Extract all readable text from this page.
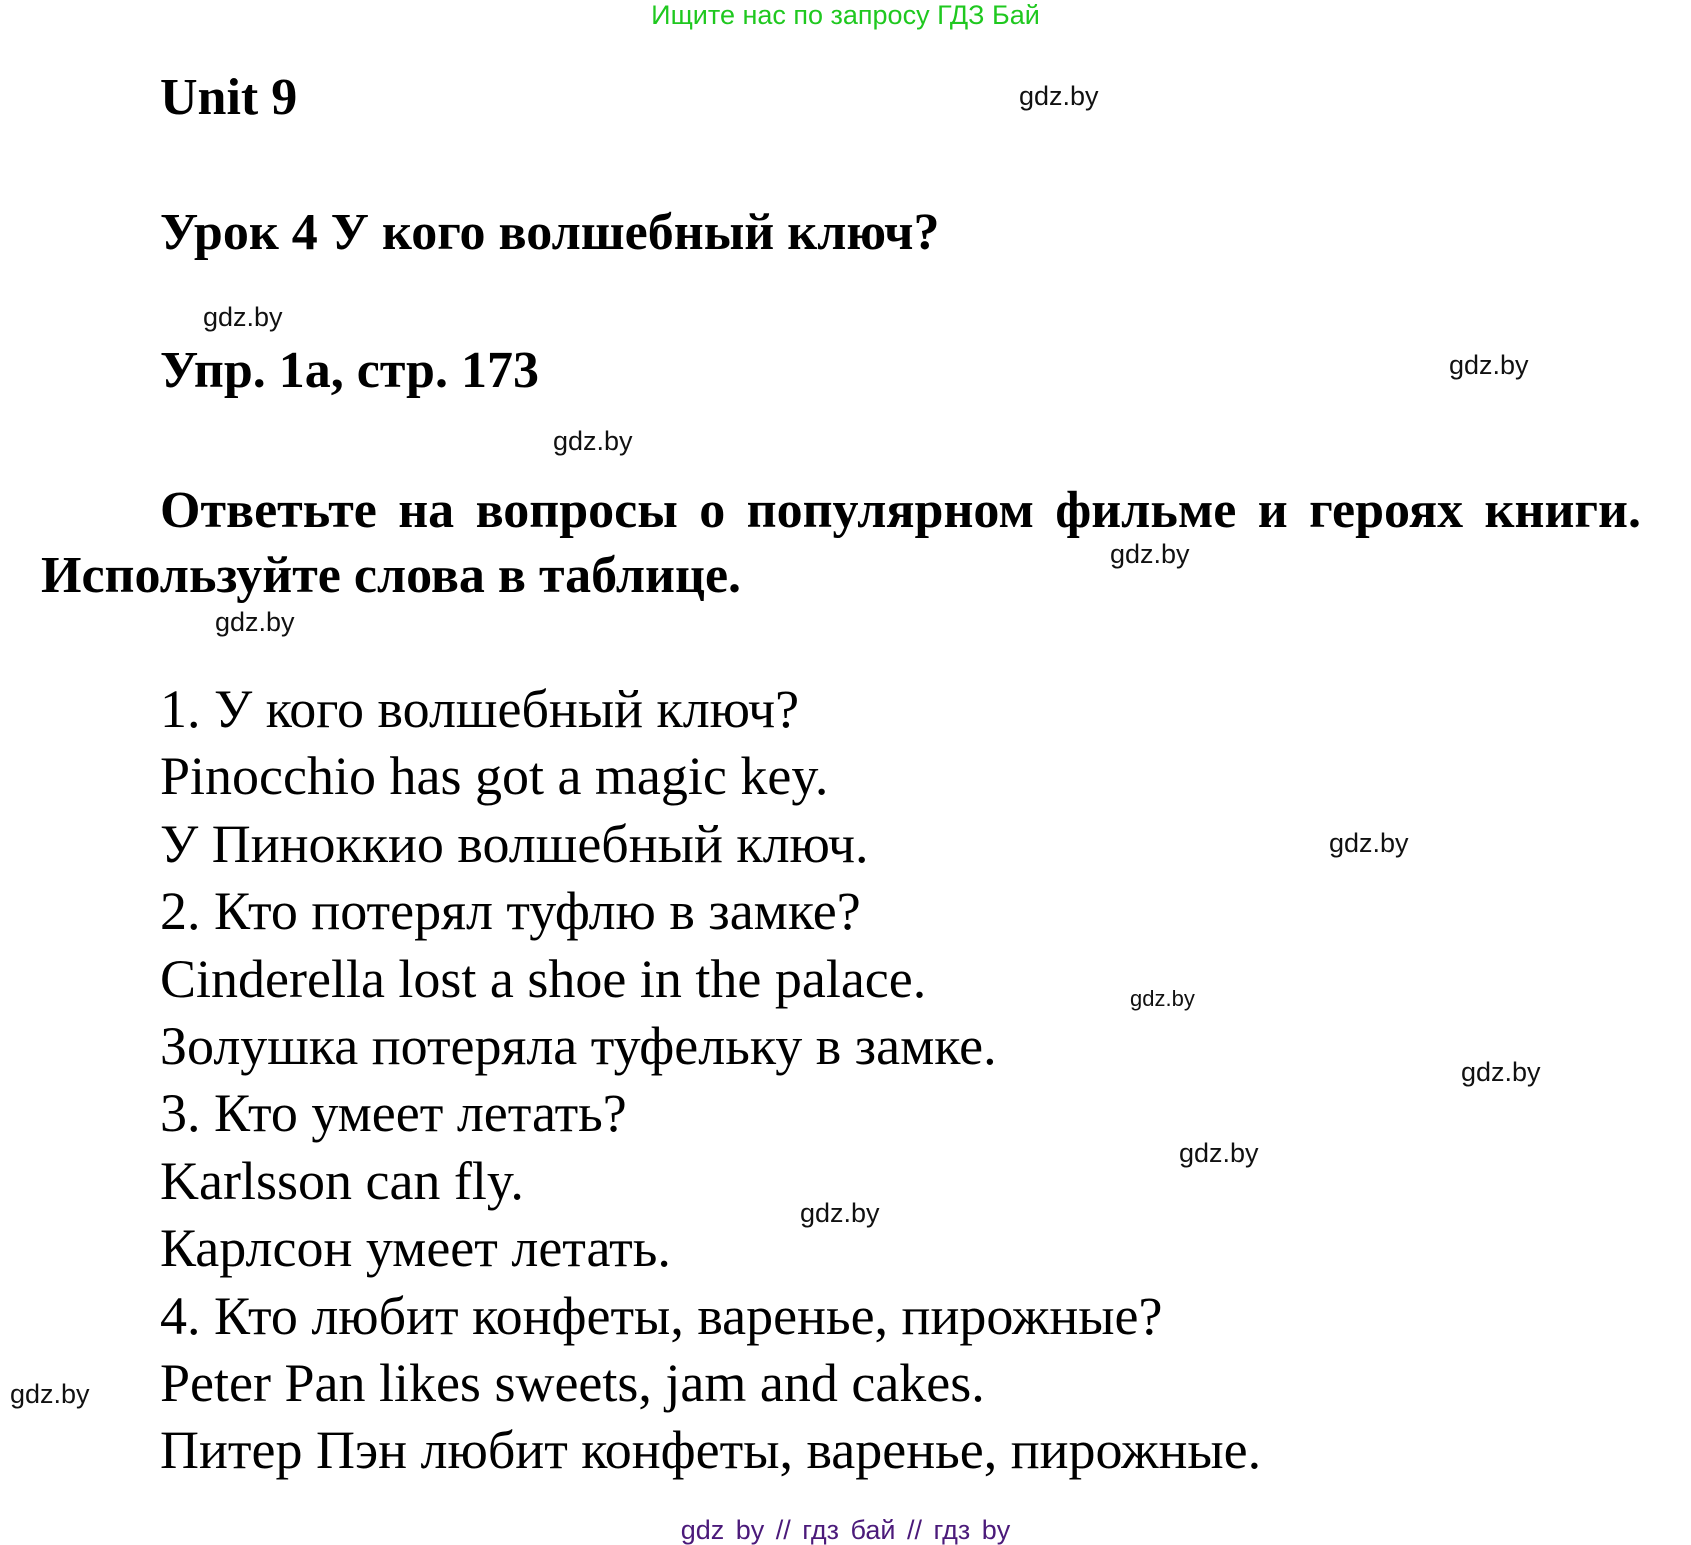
Ищите нас по запросу ГДЗ Бай
Unit 9
Урок 4 У кого волшебный ключ?
Упр. 1a, стр. 173
Ответьте на вопросы о популярном фильме и героях книги. Используйте слова в таблице.
1. У кого волшебный ключ?
Pinocchio has got a magic key.
У Пиноккио волшебный ключ.
2. Кто потерял туфлю в замке?
Cinderella lost a shoe in the palace.
Золушка потеряла туфельку в замке.
3. Кто умеет летать?
Karlsson can fly.
Карлсон умеет летать.
4. Кто любит конфеты, варенье, пирожные?
Peter Pan likes sweets, jam and cakes.
Питер Пэн любит конфеты, варенье, пирожные.
gdz.by
gdz.by
gdz.by
gdz.by
gdz.by
gdz.by
gdz.by
gdz.by
gdz.by
gdz.by
gdz.by
gdz.by
gdz by // гдз бай // гдз by
